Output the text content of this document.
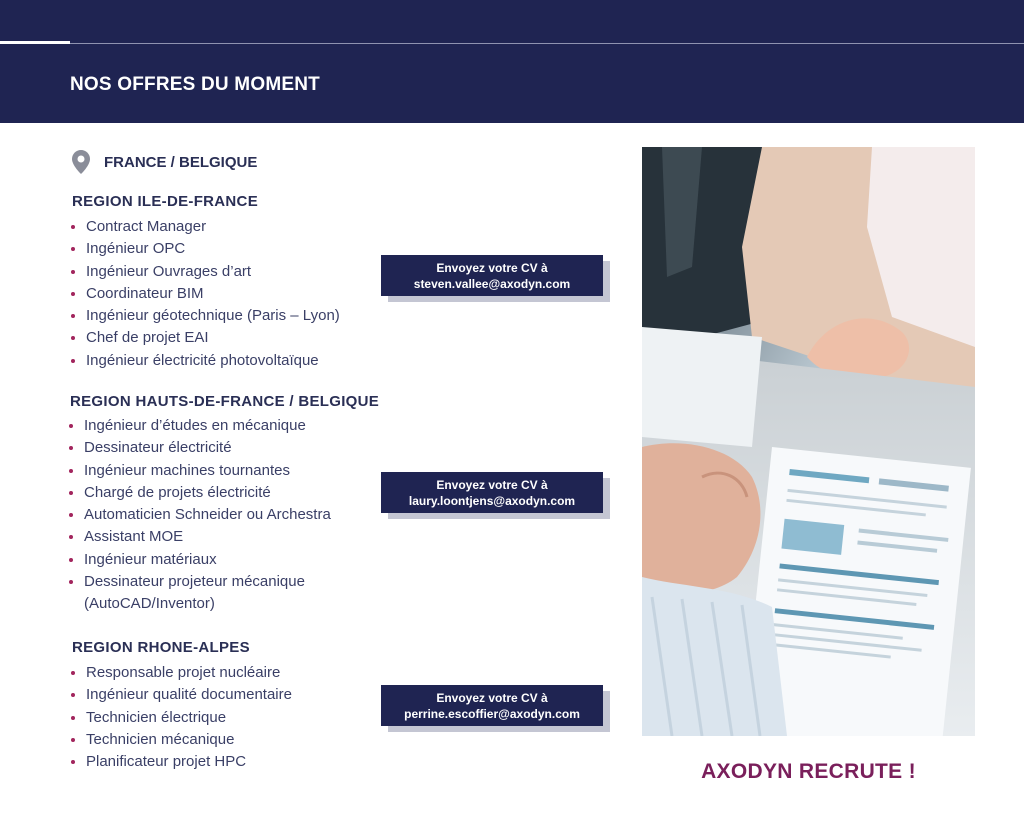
NOS OFFRES DU MOMENT
FRANCE / BELGIQUE
REGION ILE-DE-FRANCE
Contract Manager
Ingénieur OPC
Ingénieur Ouvrages d’art
Coordinateur BIM
Ingénieur géotechnique (Paris – Lyon)
Chef de projet EAI
Ingénieur électricité photovoltaïque
Envoyez votre CV à
steven.vallee@axodyn.com
REGION HAUTS-DE-FRANCE / BELGIQUE
Ingénieur d’études en mécanique
Dessinateur électricité
Ingénieur machines tournantes
Chargé de projets électricité
Automaticien Schneider ou Archestra
Assistant MOE
Ingénieur matériaux
Dessinateur projeteur mécanique
(AutoCAD/Inventor)
Envoyez votre CV à
laury.loontjens@axodyn.com
REGION RHONE-ALPES
Responsable projet nucléaire
Ingénieur qualité documentaire
Technicien électrique
Technicien mécanique
Planificateur projet HPC
Envoyez votre CV à
perrine.escoffier@axodyn.com
AXODYN RECRUTE !
